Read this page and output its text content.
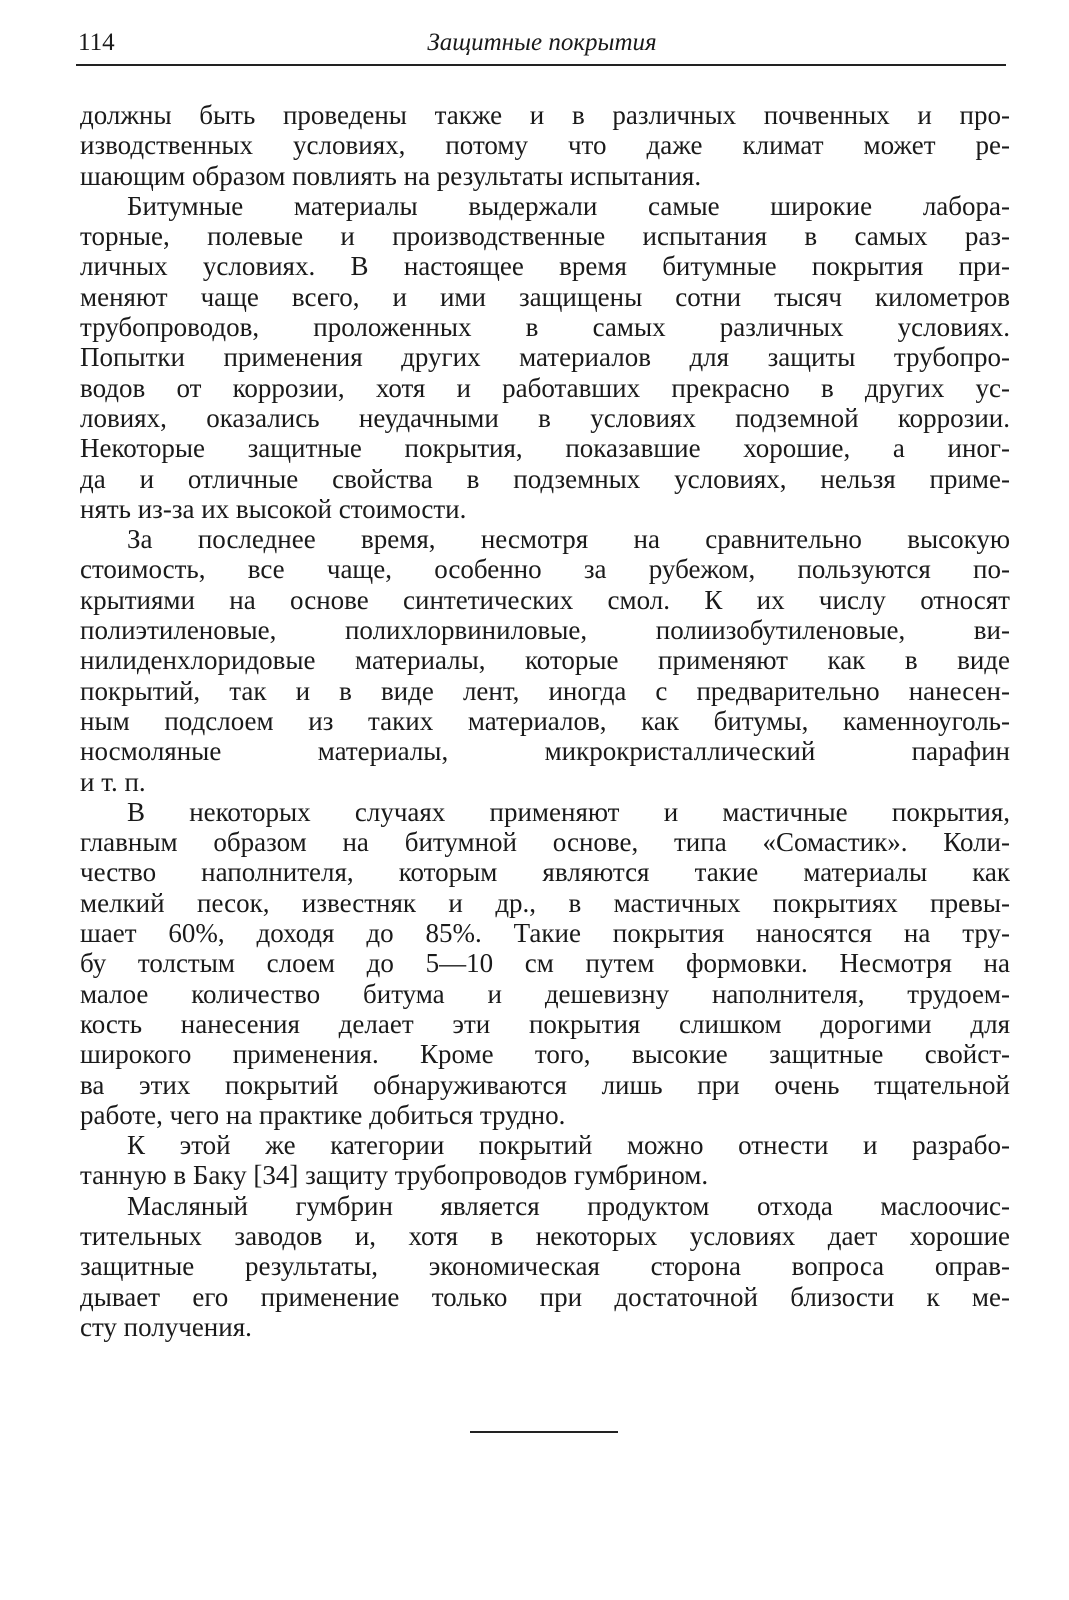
114	Защитные покрытия
должны быть проведены также и в различных почвенных и про-
изводственных условиях, потому что даже климат может ре-
шающим образом повлиять на результаты испытания.
Битумные материалы выдержали самые широкие лабора-
торные, полевые и производственные испытания в самых раз-
личных условиях. В настоящее время битумные покрытия при-
меняют чаще всего, и ими защищены сотни тысяч километров
трубопроводов, проложенных в самых различных условиях.
Попытки применения других материалов для защиты трубопро-
водов от коррозии, хотя и работавших прекрасно в других ус-
ловиях, оказались неудачными в условиях подземной коррозии.
Некоторые защитные покрытия, показавшие хорошие, а иног-
да и отличные свойства в подземных условиях, нельзя приме-
нять из-за их высокой стоимости.
За последнее время, несмотря на сравнительно высокую
стоимость, все чаще, особенно за рубежом, пользуются по-
крытиями на основе синтетических смол. К их числу относят
полиэтиленовые, полихлорвиниловые, полиизобутиленовые, ви-
нилиденхлоридовые материалы, которые применяют как в виде
покрытий, так и в виде лент, иногда с предварительно нанесен-
ным подслоем из таких материалов, как битумы, каменноуголь-
носмоляные материалы, микрокристаллический парафин
и т. п.
В некоторых случаях применяют и мастичные покрытия,
главным образом на битумной основе, типа «Сомастик». Коли-
чество наполнителя, которым являются такие материалы как
мелкий песок, известняк и др., в мастичных покрытиях превы-
шает 60%, доходя до 85%. Такие покрытия наносятся на тру-
бу толстым слоем до 5—10 см путем формовки. Несмотря на
малое количество битума и дешевизну наполнителя, трудоем-
кость нанесения делает эти покрытия слишком дорогими для
широкого применения. Кроме того, высокие защитные свойст-
ва этих покрытий обнаруживаются лишь при очень тщательной
работе, чего на практике добиться трудно.
К этой же категории покрытий можно отнести и разрабо-
танную в Баку [34] защиту трубопроводов гумбрином.
Масляный гумбрин является продуктом отхода маслоочис-
тительных заводов и, хотя в некоторых условиях дает хорошие
защитные результаты, экономическая сторона вопроса оправ-
дывает его применение только при достаточной близости к ме-
сту получения.
